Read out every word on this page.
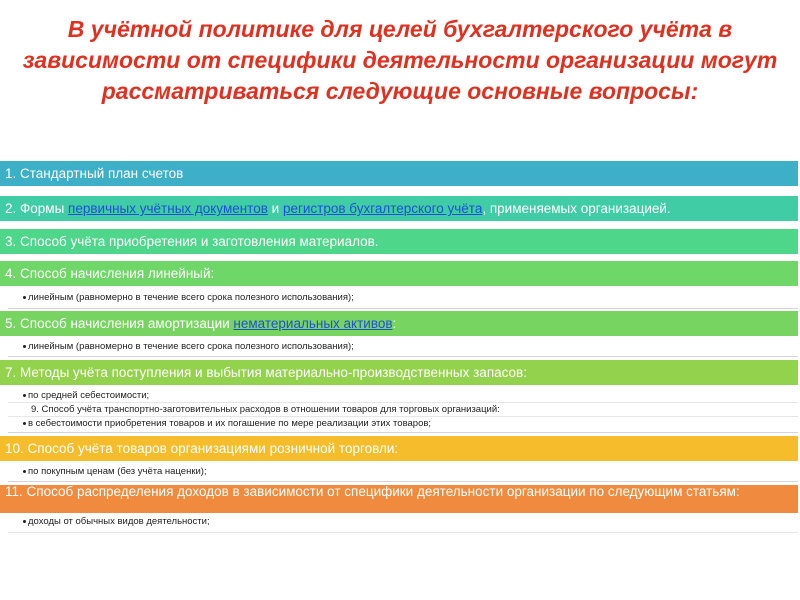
В учётной политике для целей бухгалтерского учёта в зависимости от специфики деятельности организации могут рассматриваться следующие основные вопросы:
1. Стандартный план счетов
2. Формы первичных учётных документов и регистров бухгалтерского учёта, применяемых организацией.
3. Способ учёта приобретения и заготовления материалов.
4. Способ начисления линейный:
линейным (равномерно в течение всего срока полезного использования);
5. Способ начисления амортизации нематериальных активов:
линейным (равномерно в течение всего срока полезного использования);
7. Методы учёта поступления и выбытия материально-производственных запасов:
по средней себестоимости;
9. Способ учёта транспортно-заготовительных расходов в отношении товаров для торговых организаций:
в себестоимости приобретения товаров и их погашение по мере реализации этих товаров;
10. Способ учёта товаров организациями розничной торговли:
по покупным ценам (без учёта наценки);
11. Способ распределения доходов в зависимости от специфики деятельности организации по следующим статьям:
доходы от обычных видов деятельности;
